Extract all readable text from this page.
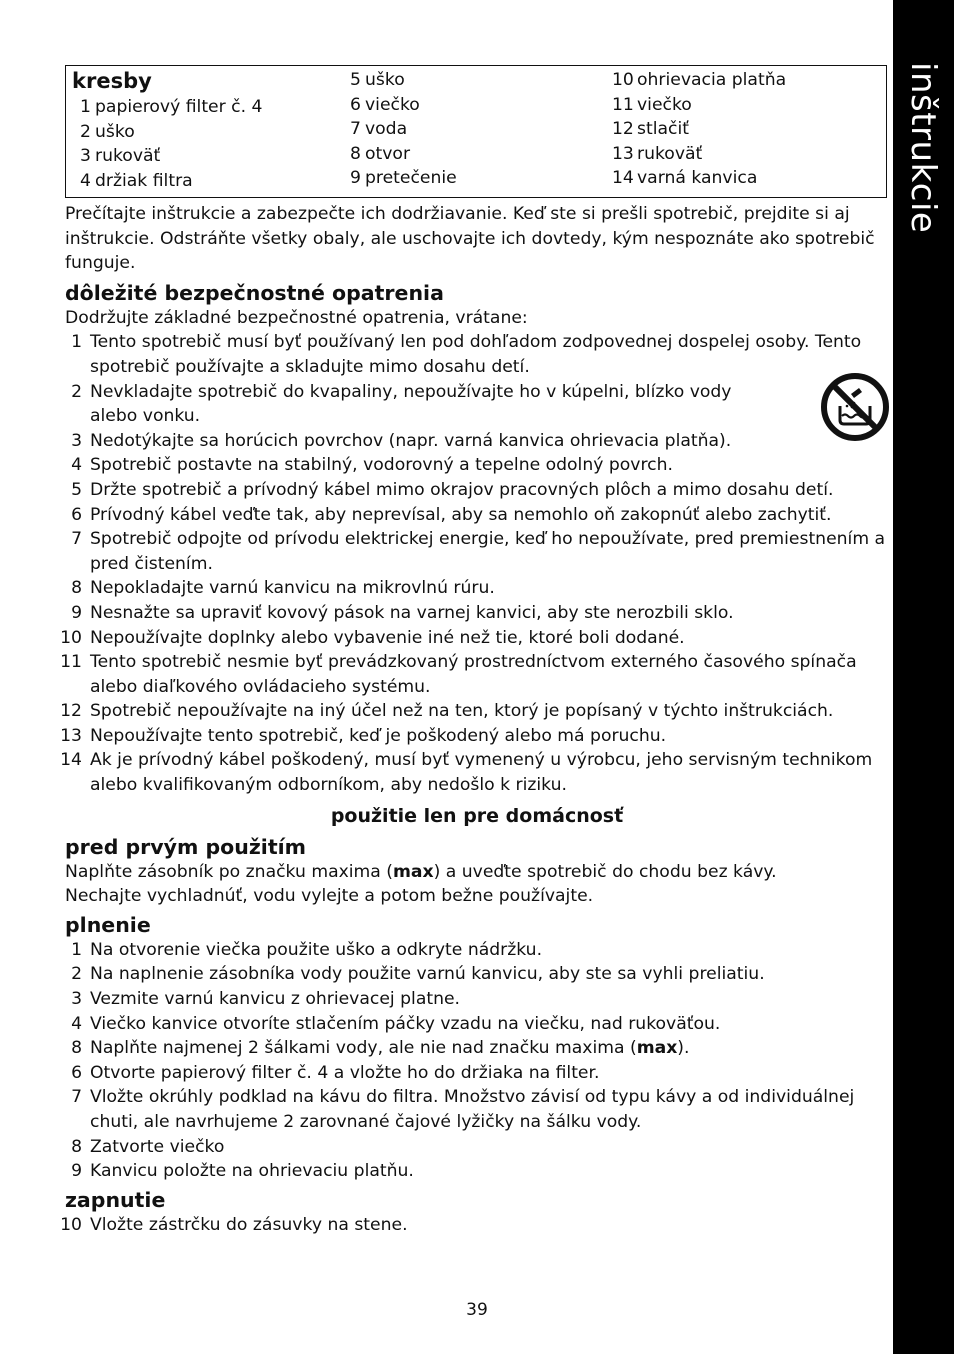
inštrukcie
kresby
1 papierový filter č. 4
2 uško
3 rukoväť
4 držiak filtra
5 uško
6 viečko
7 voda
8 otvor
9 pretečenie
10 ohrievacia platňa
11 viečko
12 stlačiť
13 rukoväť
14 varná kanvica

Prečítajte inštrukcie a zabezpečte ich dodržiavanie. Keď ste si prešli spotrebič, prejdite si aj inštrukcie. Odstráňte všetky obaly, ale uschovajte ich dovtedy, kým nespoznáte ako spotrebič funguje.

dôležité bezpečnostné opatrenia

Dodržujte základné bezpečnostné opatrenia, vrátane:

1 Tento spotrebič musí byť používaný len pod dohľadom zodpovednej dospelej osoby. Tento spotrebič používajte a skladujte mimo dosahu detí.
2 Nevkladajte spotrebič do kvapaliny, nepoužívajte ho v kúpelni, blízko vody alebo vonku.
3 Nedotýkajte sa horúcich povrchov (napr. varná kanvica ohrievacia platňa).
4 Spotrebič postavte na stabilný, vodorovný a tepelne odolný povrch.
5 Držte spotrebič a prívodný kábel mimo okrajov pracovných plôch a mimo dosahu detí.
6 Prívodný kábel veďte tak, aby neprevísal, aby sa nemohlo oň zakopnúť alebo zachytiť.
7 Spotrebič odpojte od prívodu elektrickej energie, keď ho nepoužívate, pred premiestnením a pred čistením.
8 Nepokladajte varnú kanvicu na mikrovlnú rúru.
9 Nesnažte sa upraviť kovový pások na varnej kanvici, aby ste nerozbili sklo.
10 Nepoužívajte doplnky alebo vybavenie iné než tie, ktoré boli dodané.
11 Tento spotrebič nesmie byť prevádzkovaný prostredníctvom externého časového spínača alebo diaľkového ovládacieho systému.
12 Spotrebič nepoužívajte na iný účel než na ten, ktorý je popísaný v týchto inštrukciách.
13 Nepoužívajte tento spotrebič, keď je poškodený alebo má poruchu.
14 Ak je prívodný kábel poškodený, musí byť vymenený u výrobcu, jeho servisným technikom alebo kvalifikovaným odborníkom, aby nedošlo k riziku.
použitie len pre domácnosť
pred prvým použitím

Naplňte zásobník po značku maxima (max) a uveďte spotrebič do chodu bez kávy.

Nechajte vychladnúť, vodu vylejte a potom bežne používajte.

plnenie
1 Na otvorenie viečka použite uško a odkryte nádržku.
2 Na naplnenie zásobníka vody použite varnú kanvicu, aby ste sa vyhli preliatiu.
3 Vezmite varnú kanvicu z ohrievacej platne.
4 Viečko kanvice otvoríte stlačením páčky vzadu na viečku, nad rukoväťou.
8 Naplňte najmenej 2 šálkami vody, ale nie nad značku maxima (max).
6 Otvorte papierový filter č. 4 a vložte ho do držiaka na filter.
7 Vložte okrúhly podklad na kávu do filtra. Množstvo závisí od typu kávy a od individuálnej chuti, ale navrhujeme 2 zarovnané čajové lyžičky na šálku vody.
8 Zatvorte viečko
9 Kanvicu položte na ohrievaciu platňu.
zapnutie
10 Vložte zástrčku do zásuvky na stene.
39
